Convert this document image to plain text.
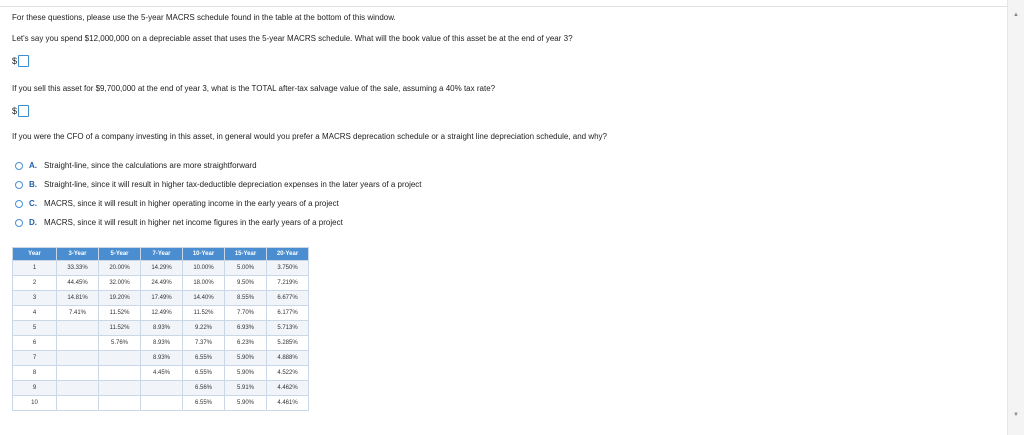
For these questions, please use the 5-year MACRS schedule found in the table at the bottom of this window.
Let's say you spend $12,000,000 on a depreciable asset that uses the 5-year MACRS schedule. What will the book value of this asset be at the end of year 3?
$
If you sell this asset for $9,700,000 at the end of year 3, what is the TOTAL after-tax salvage value of the sale, assuming a 40% tax rate?
$
If you were the CFO of a company investing in this asset, in general would you prefer a MACRS deprecation schedule or a straight line depreciation schedule, and why?
A. Straight-line, since the calculations are more straightforward
B. Straight-line, since it will result in higher tax-deductible depreciation expenses in the later years of a project
C. MACRS, since it will result in higher operating income in the early years of a project
D. MACRS, since it will result in higher net income figures in the early years of a project
Year	3-Year	5-Year	7-Year	10-Year	15-Year	20-Year
1	33.33%	20.00%	14.29%	10.00%	5.00%	3.750%
2	44.45%	32.00%	24.49%	18.00%	9.50%	7.219%
3	14.81%	19.20%	17.49%	14.40%	8.55%	6.677%
4	7.41%	11.52%	12.49%	11.52%	7.70%	6.177%
5		11.52%	8.93%	9.22%	6.93%	5.713%
6		5.76%	8.93%	7.37%	6.23%	5.285%
7			8.93%	6.55%	5.90%	4.888%
8			4.45%	6.55%	5.90%	4.522%
9				6.56%	5.91%	4.462%
10				6.55%	5.90%	4.461%
▲
▼
